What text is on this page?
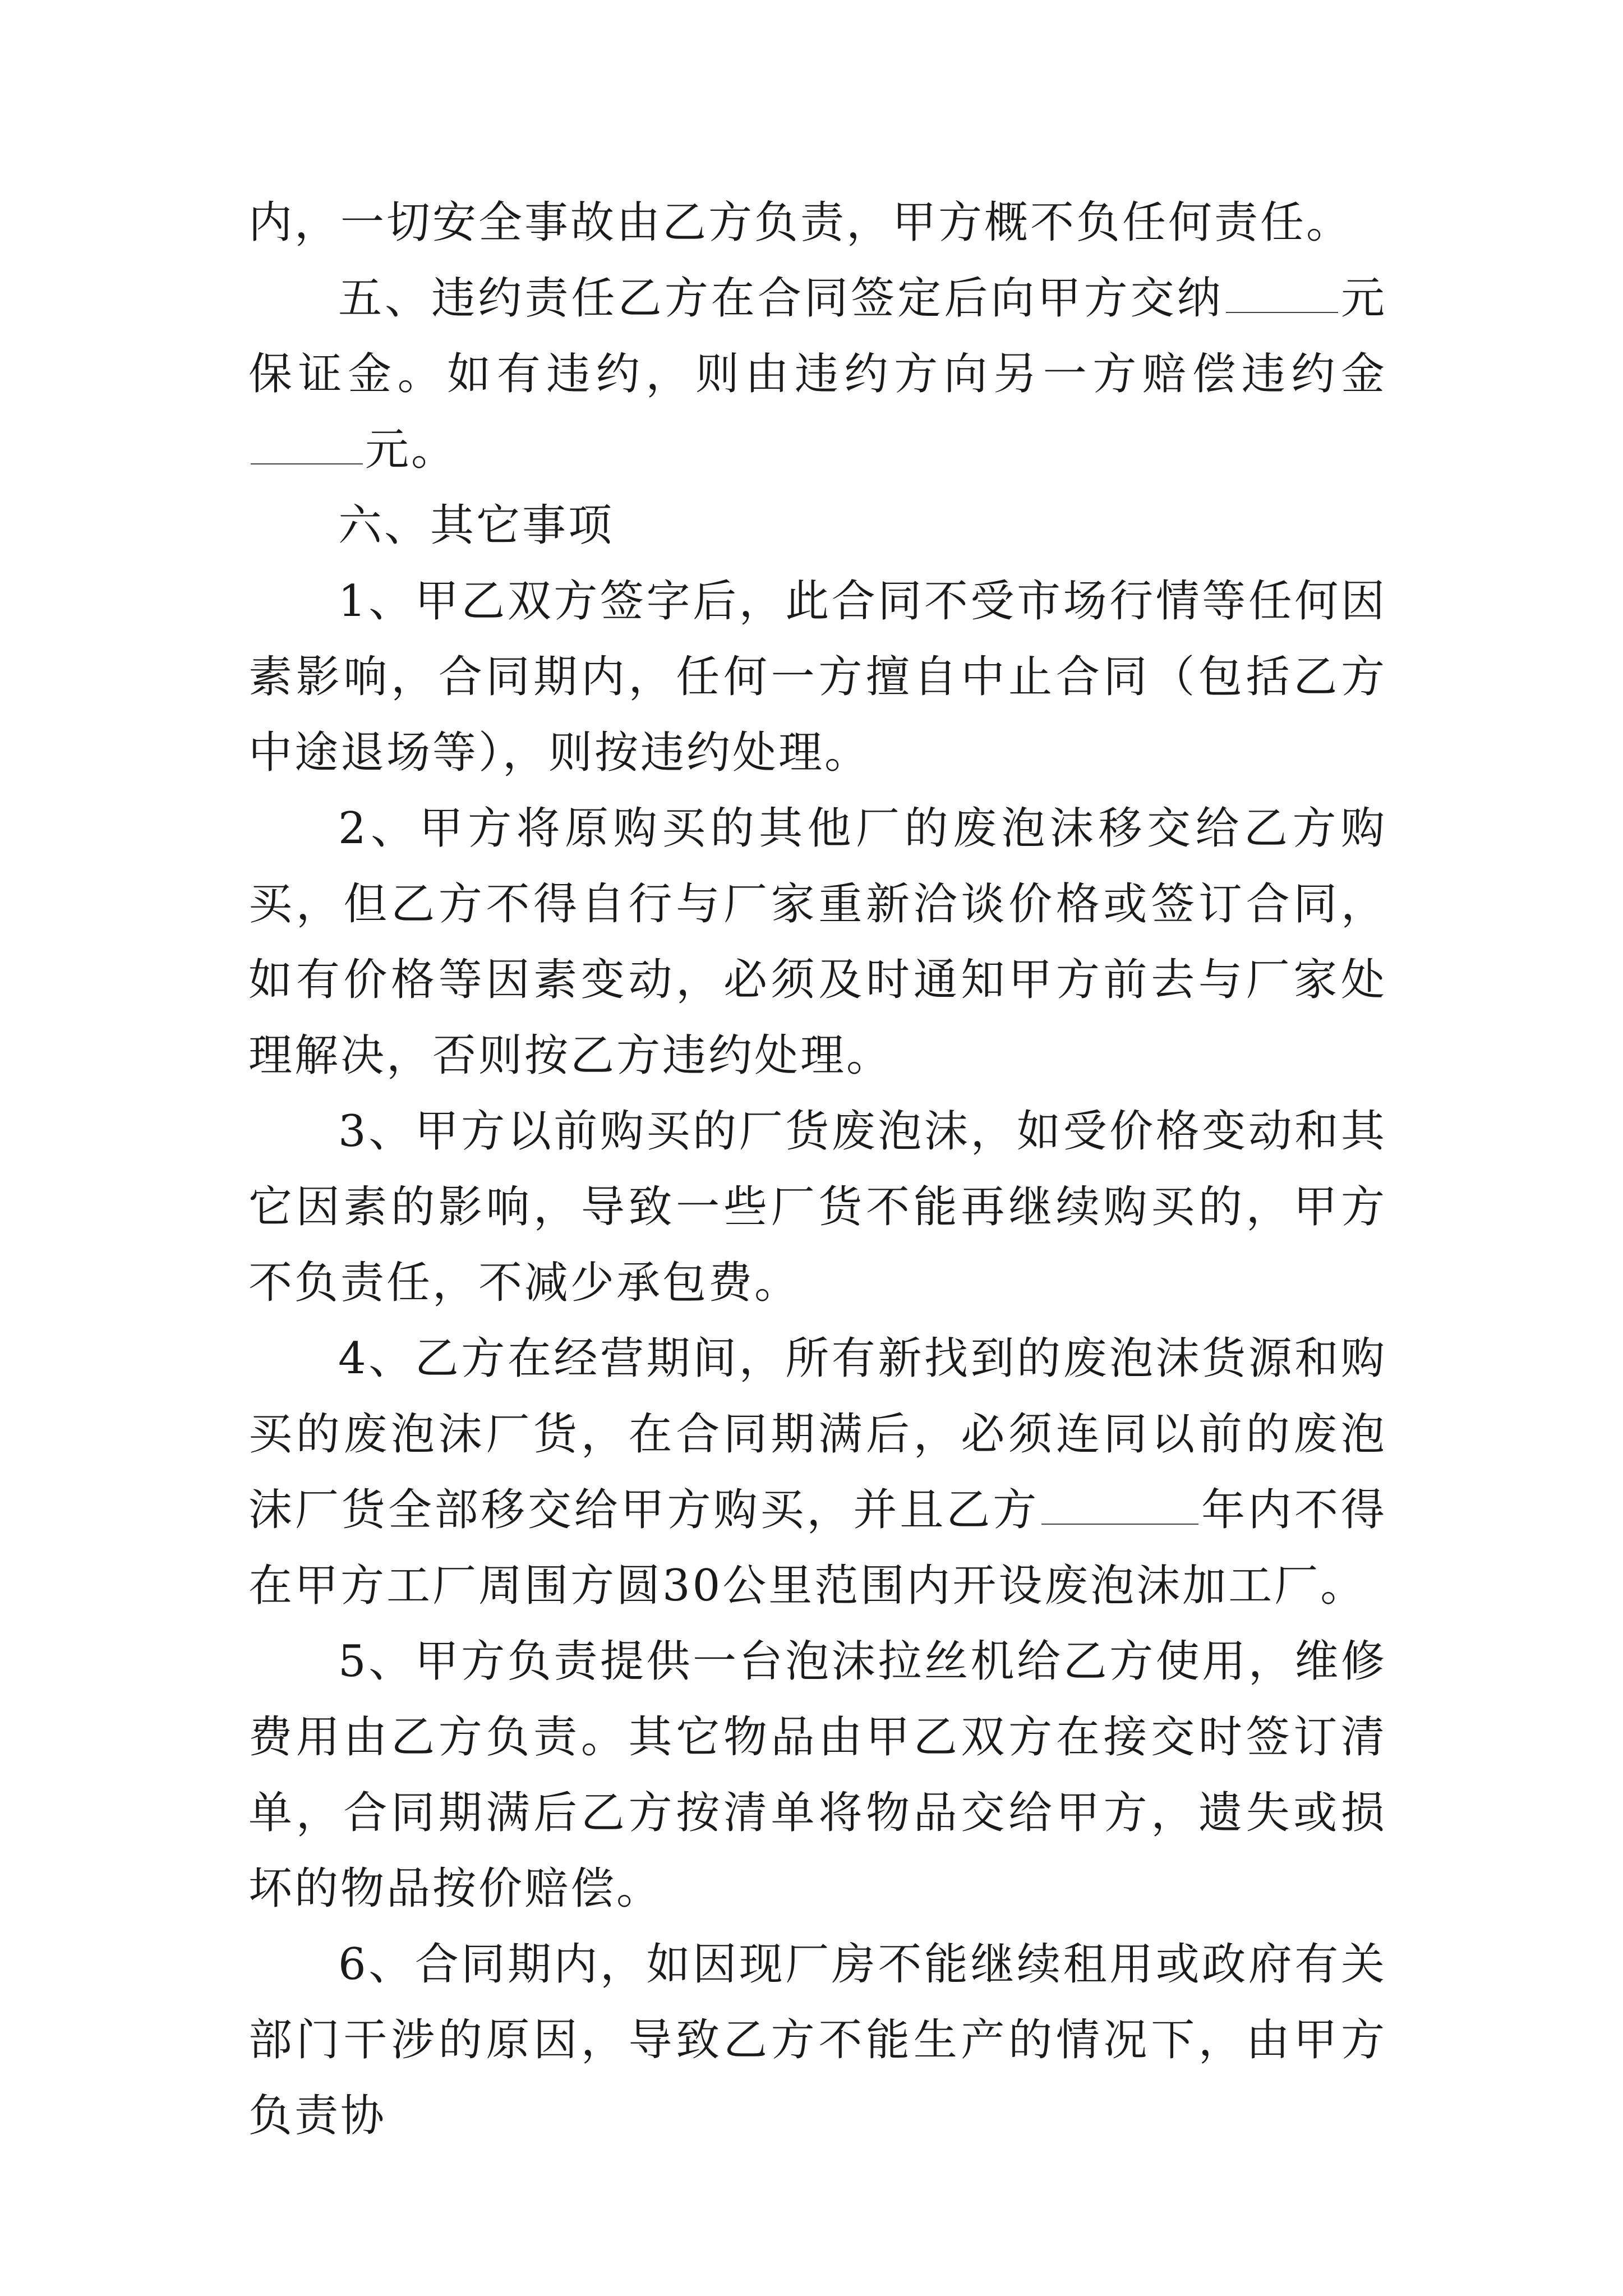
内，一切安全事故由乙方负责，甲方概不负任何责任。

五、违约责任乙方在合同签定后向甲方交纳	元保证金。如有违约，则由违约方向另一方赔偿违约金元。

六、其它事项

1、甲乙双方签字后，此合同不受市场行情等任何因素影响，合同期内，任何一方擅自中止合同（包括乙方中途退场等），则按违约处理。

2、甲方将原购买的其他厂的废泡沫移交给乙方购买，但乙方不得自行与厂家重新洽谈价格或签订合同，如有价格等因素变动，必须及时通知甲方前去与厂家处理解决，否则按乙方违约处理。

3、甲方以前购买的厂货废泡沫，如受价格变动和其它因素的影响，导致一些厂货不能再继续购买的，甲方不负责任，不减少承包费。

4、乙方在经营期间，所有新找到的废泡沫货源和购买的废泡沫厂货，在合同期满后，必须连同以前的废泡沫厂货全部移交给甲方购买，并且乙方	年内不得在甲方工厂周围方圆30公里范围内开设废泡沫加工厂。

5、甲方负责提供一台泡沫拉丝机给乙方使用，维修费用由乙方负责。其它物品由甲乙双方在接交时签订清单，合同期满后乙方按清单将物品交给甲方，遗失或损坏的物品按价赔偿。

6、合同期内，如因现厂房不能继续租用或政府有关部门干涉的原因，导致乙方不能生产的情况下，由甲方负责协
